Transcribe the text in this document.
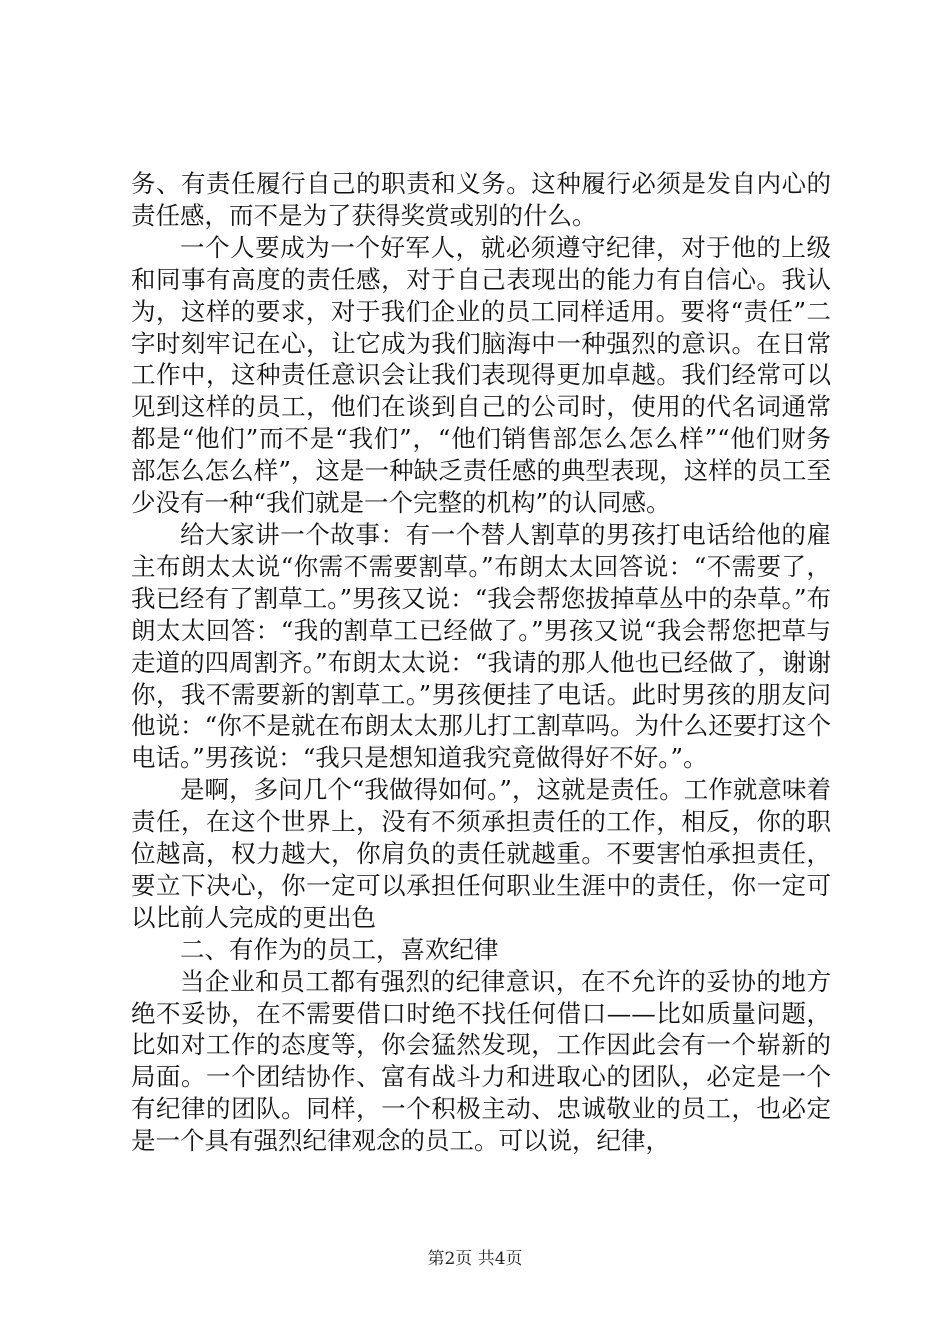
务、有责任履行自己的职责和义务。这种履行必须是发自内心的责任感，而不是为了获得奖赏或别的什么。

一个人要成为一个好军人，就必须遵守纪律，对于他的上级和同事有高度的责任感，对于自己表现出的能力有自信心。我认为，这样的要求，对于我们企业的员工同样适用。要将“责任”二字时刻牢记在心，让它成为我们脑海中一种强烈的意识。在日常工作中，这种责任意识会让我们表现得更加卓越。我们经常可以见到这样的员工，他们在谈到自己的公司时，使用的代名词通常都是“他们”而不是“我们”，“他们销售部怎么怎么样”“他们财务部怎么怎么样”，这是一种缺乏责任感的典型表现，这样的员工至少没有一种“我们就是一个完整的机构”的认同感。

给大家讲一个故事：有一个替人割草的男孩打电话给他的雇主布朗太太说“你需不需要割草。”布朗太太回答说：“不需要了，我已经有了割草工。”男孩又说：“我会帮您拔掉草丛中的杂草。”布朗太太回答：“我的割草工已经做了。”男孩又说“我会帮您把草与走道的四周割齐。”布朗太太说：“我请的那人他也已经做了，谢谢你，我不需要新的割草工。”男孩便挂了电话。此时男孩的朋友问他说：“你不是就在布朗太太那儿打工割草吗。为什么还要打这个电话。”男孩说：“我只是想知道我究竟做得好不好。”。

是啊，多问几个“我做得如何。”，这就是责任。工作就意味着责任，在这个世界上，没有不须承担责任的工作，相反，你的职位越高，权力越大，你肩负的责任就越重。不要害怕承担责任，要立下决心，你一定可以承担任何职业生涯中的责任，你一定可以比前人完成的更出色

二、有作为的员工，喜欢纪律

当企业和员工都有强烈的纪律意识，在不允许的妥协的地方绝不妥协，在不需要借口时绝不找任何借口——比如质量问题，比如对工作的态度等，你会猛然发现，工作因此会有一个崭新的局面。一个团结协作、富有战斗力和进取心的团队，必定是一个有纪律的团队。同样，一个积极主动、忠诚敬业的员工，也必定是一个具有强烈纪律观念的员工。可以说，纪律，

第2页 共4页
